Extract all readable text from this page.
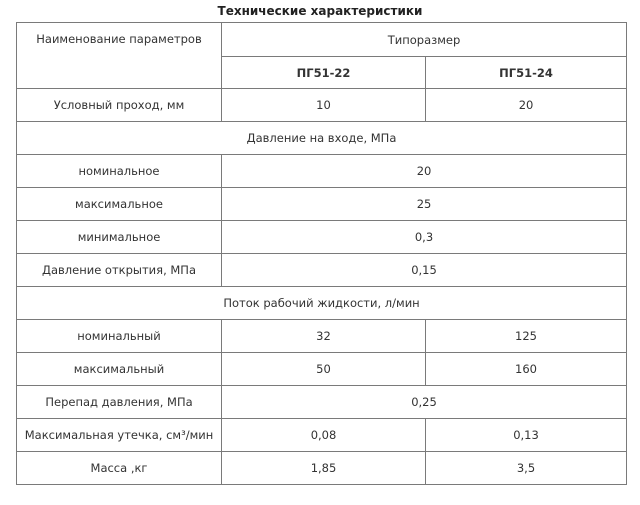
Технические характеристики
Наименование параметров	Типоразмер	
	ПГ51-22	ПГ51-24
Условный проход, мм	10	20
Давление на входе, МПа		
номинальное	20	
максимальное	25	
минимальное	0,3	
Давление открытия, МПа	0,15	
Поток рабочий жидкости, л/мин		
номинальный	32	125
максимальный	50	160
Перепад давления, МПа	0,25	
Максимальная утечка, см³/мин	0,08	0,13
Масса ,кг	1,85	3,5
